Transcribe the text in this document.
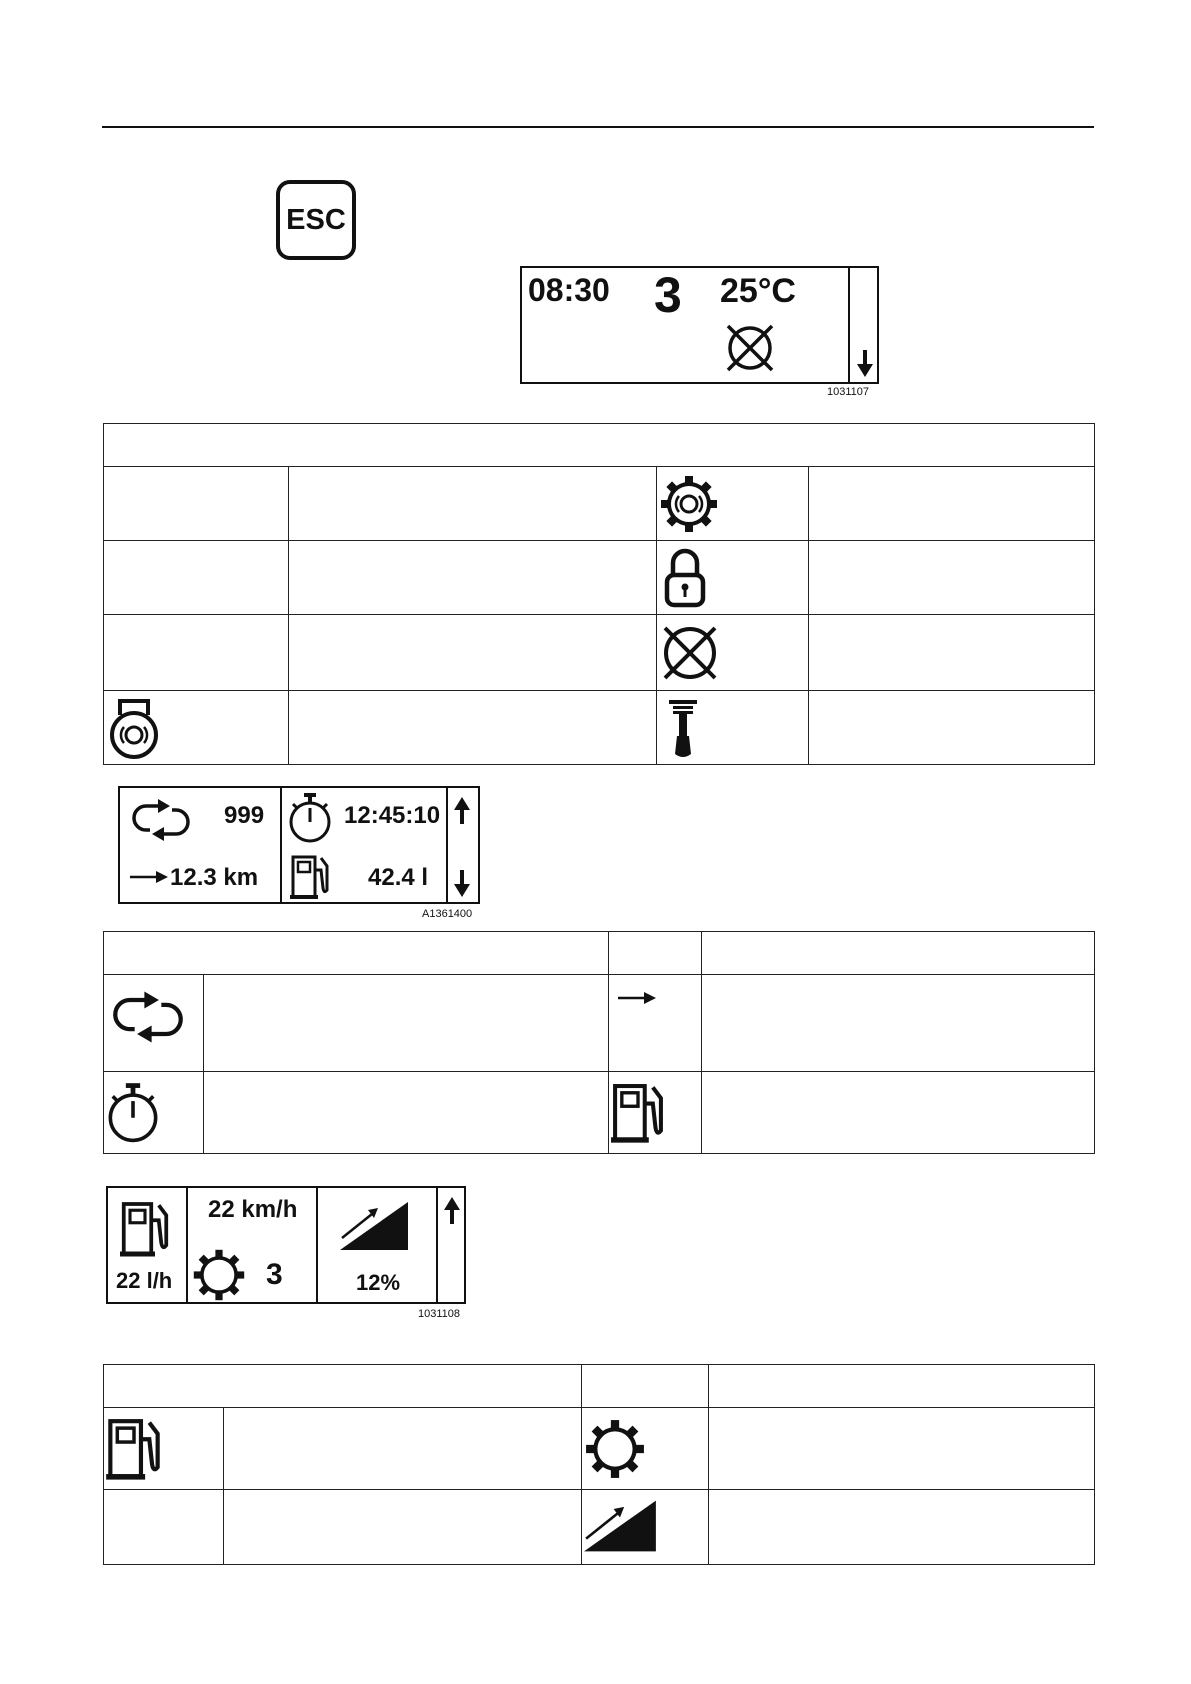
ESC
08:30 3 25°C
1031107

999
12.3 km
12:45:10
42.4 l
A1361400

22 l/h
22 km/h
3	12%
1031108
